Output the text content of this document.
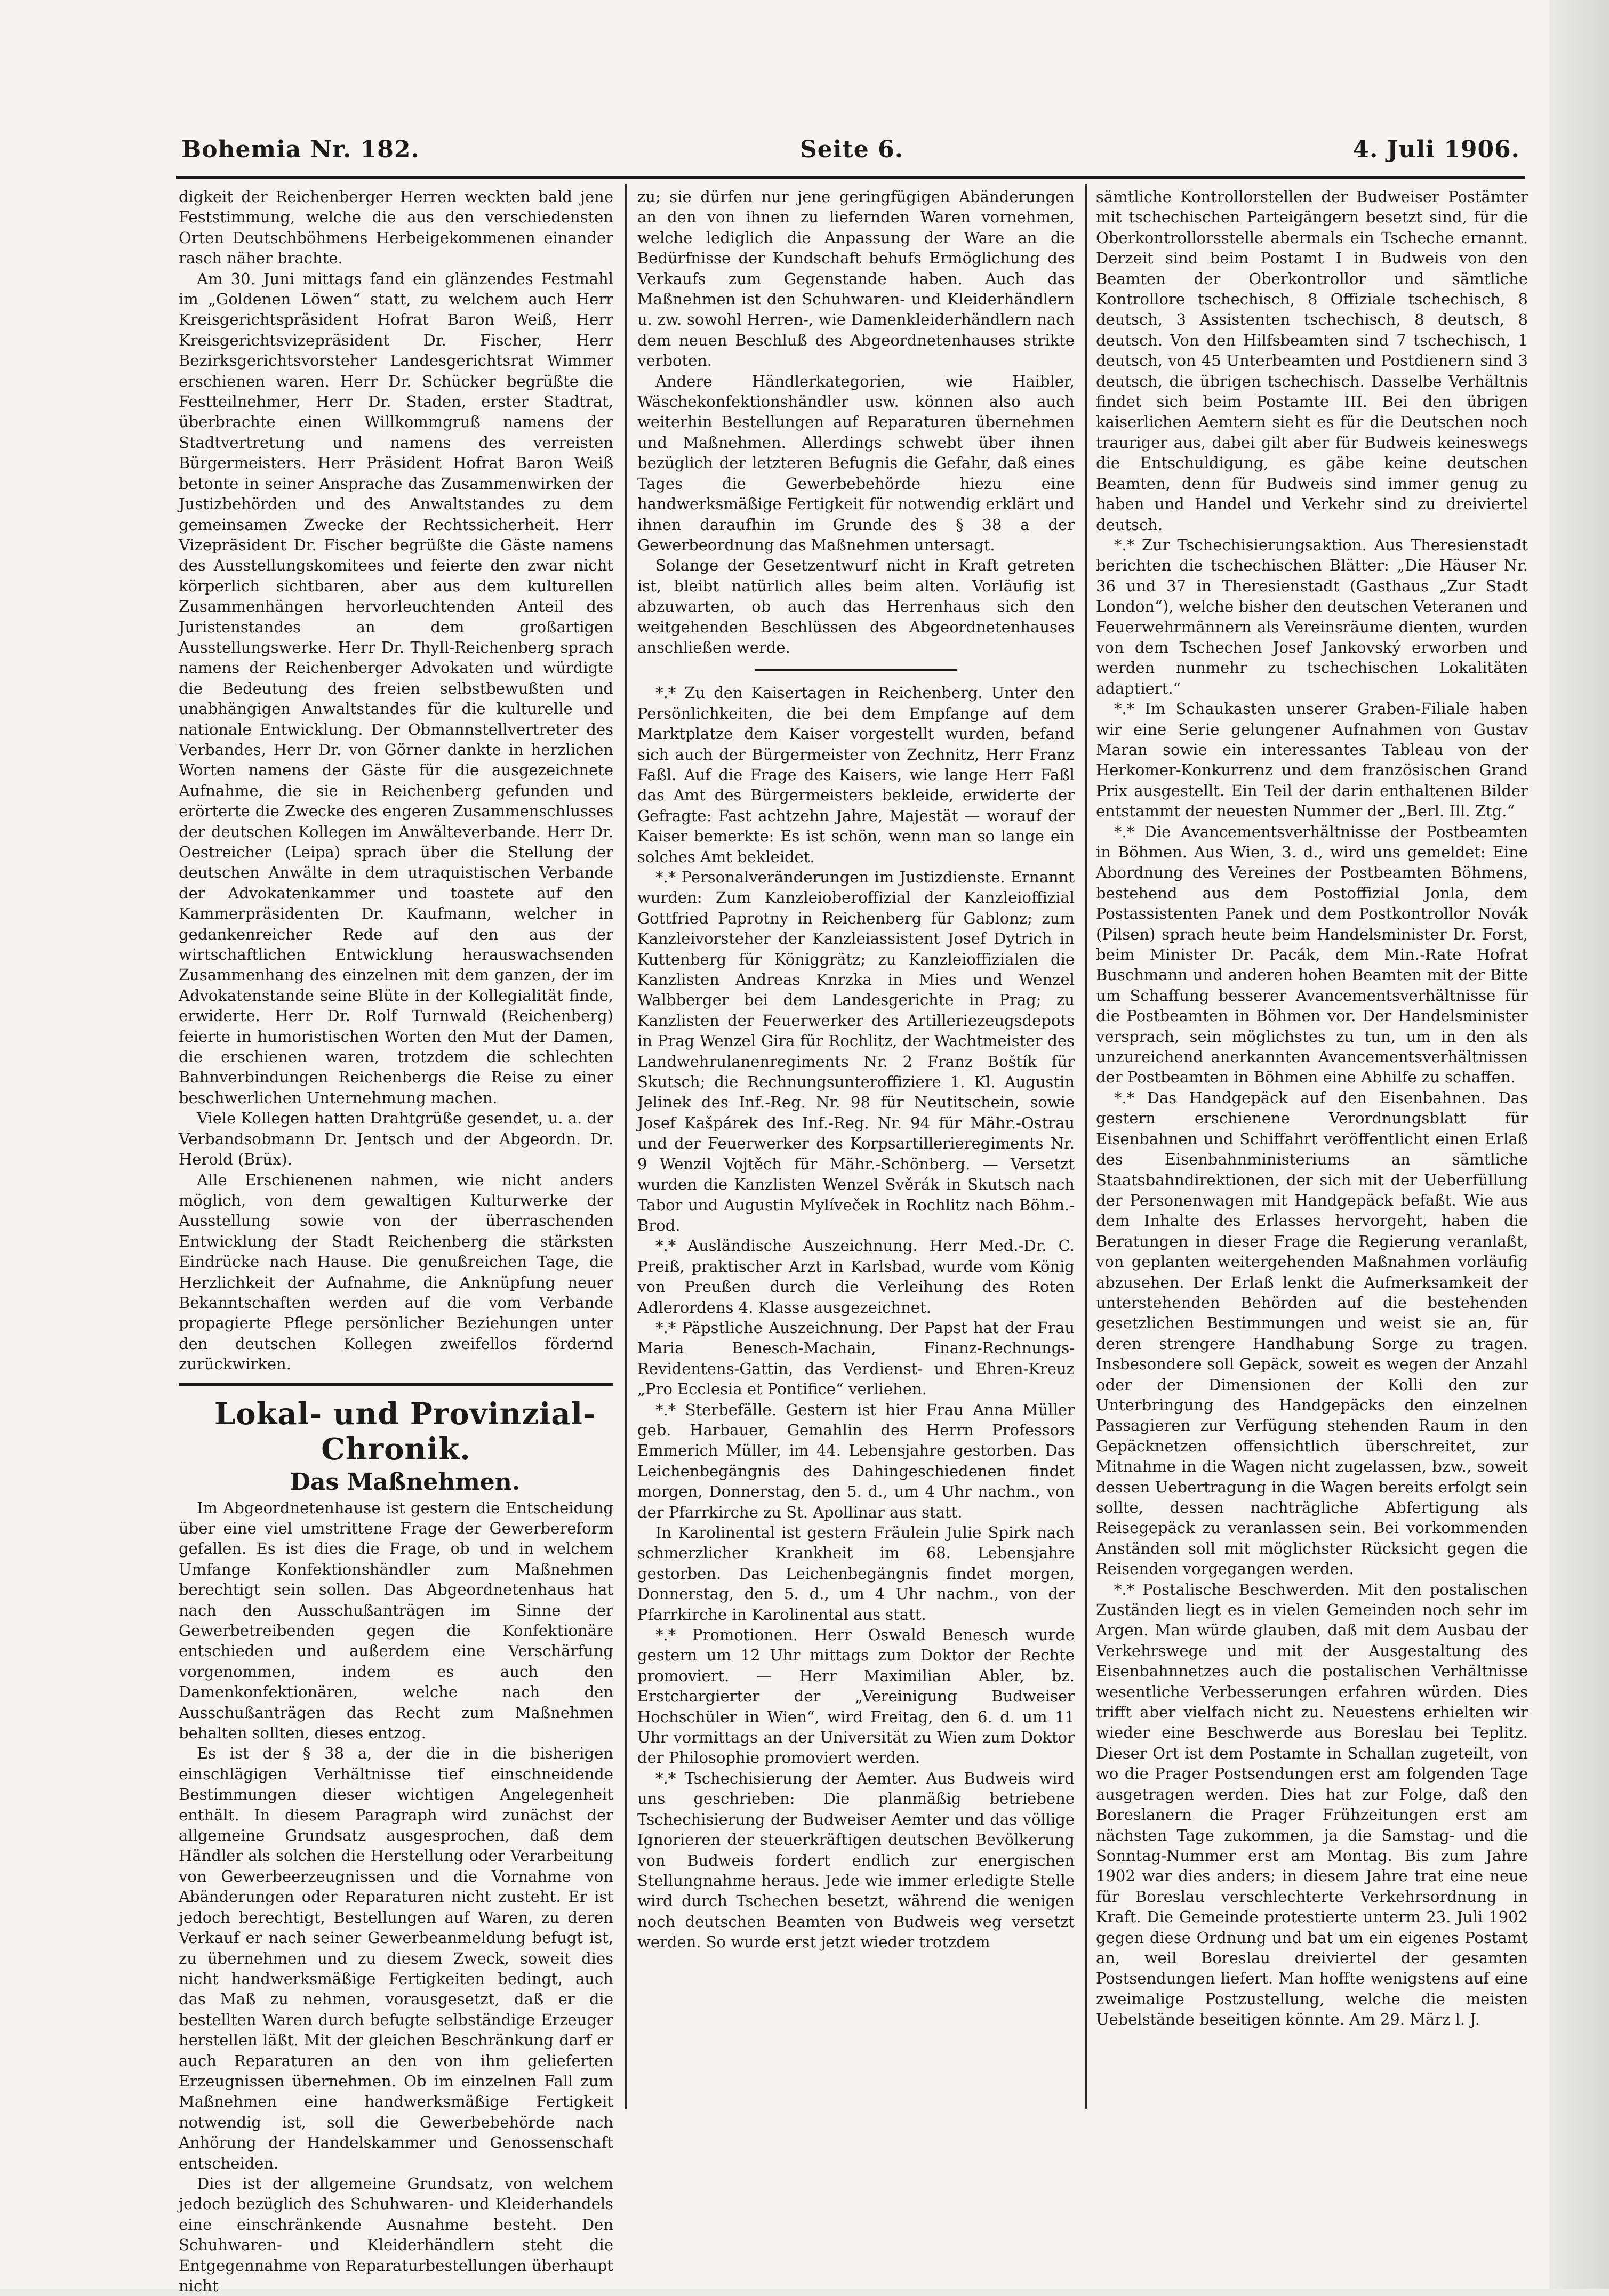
Bohemia Nr. 182.	Seite 6.	4. Juli 1906.

digkeit der Reichenberger Herren weckten bald jene Feststimmung, welche die aus den verschiedensten Orten Deutschböhmens Herbeigekommenen einander rasch näher brachte.

Am 30. Juni mittags fand ein glänzendes Festmahl im „Goldenen Löwen“ statt, zu welchem auch Herr Kreisgerichtspräsident Hofrat Baron Weiß, Herr Kreisgerichtsvizepräsident Dr. Fischer, Herr Bezirksgerichtsvorsteher Landesgerichtsrat Wimmer erschienen waren. Herr Dr. Schücker begrüßte die Festteilnehmer, Herr Dr. Staden, erster Stadtrat, überbrachte einen Willkommgruß namens der Stadtvertretung und namens des verreisten Bürgermeisters. Herr Präsident Hofrat Baron Weiß betonte in seiner Ansprache das Zusammenwirken der Justizbehörden und des Anwaltstandes zu dem gemeinsamen Zwecke der Rechtssicherheit. Herr Vizepräsident Dr. Fischer begrüßte die Gäste namens des Ausstellungskomitees und feierte den zwar nicht körperlich sichtbaren, aber aus dem kulturellen Zusammenhängen hervorleuchtenden Anteil des Juristenstandes an dem großartigen Ausstellungswerke. Herr Dr. Thyll-Reichenberg sprach namens der Reichenberger Advokaten und würdigte die Bedeutung des freien selbstbewußten und unabhängigen Anwaltstandes für die kulturelle und nationale Entwicklung. Der Obmannstellvertreter des Verbandes, Herr Dr. von Görner dankte in herzlichen Worten namens der Gäste für die ausgezeichnete Aufnahme, die sie in Reichenberg gefunden und erörterte die Zwecke des engeren Zusammenschlusses der deutschen Kollegen im Anwälteverbande. Herr Dr. Oestreicher (Leipa) sprach über die Stellung der deutschen Anwälte in dem utraquistischen Verbande der Advokatenkammer und toastete auf den Kammerpräsidenten Dr. Kaufmann, welcher in gedankenreicher Rede auf den aus der wirtschaftlichen Entwicklung herauswachsenden Zusammenhang des einzelnen mit dem ganzen, der im Advokatenstande seine Blüte in der Kollegialität finde, erwiderte. Herr Dr. Rolf Turnwald (Reichenberg) feierte in humoristischen Worten den Mut der Damen, die erschienen waren, trotzdem die schlechten Bahnverbindungen Reichenbergs die Reise zu einer beschwerlichen Unternehmung machen.

Viele Kollegen hatten Drahtgrüße gesendet, u. a. der Verbandsobmann Dr. Jentsch und der Abgeordn. Dr. Herold (Brüx).

Alle Erschienenen nahmen, wie nicht anders möglich, von dem gewaltigen Kulturwerke der Ausstellung sowie von der überraschenden Entwicklung der Stadt Reichenberg die stärksten Eindrücke nach Hause. Die genußreichen Tage, die Herzlichkeit der Aufnahme, die Anknüpfung neuer Bekanntschaften werden auf die vom Verbande propagierte Pflege persönlicher Beziehungen unter den deutschen Kollegen zweifellos fördernd zurückwirken.

Lokal- und Provinzial-Chronik.

Das Maßnehmen.

Im Abgeordnetenhause ist gestern die Entscheidung über eine viel umstrittene Frage der Gewerbereform gefallen. Es ist dies die Frage, ob und in welchem Umfange Konfektionshändler zum Maßnehmen berechtigt sein sollen. Das Abgeordnetenhaus hat nach den Ausschußanträgen im Sinne der Gewerbetreibenden gegen die Konfektionäre entschieden und außerdem eine Verschärfung vorgenommen, indem es auch den Damenkonfektionären, welche nach den Ausschußanträgen das Recht zum Maßnehmen behalten sollten, dieses entzog.

Es ist der § 38 a, der die in die bisherigen einschlägigen Verhältnisse tief einschneidende Bestimmungen dieser wichtigen Angelegenheit enthält. In diesem Paragraph wird zunächst der allgemeine Grundsatz ausgesprochen, daß dem Händler als solchen die Herstellung oder Verarbeitung von Gewerbeerzeugnissen und die Vornahme von Abänderungen oder Reparaturen nicht zusteht. Er ist jedoch berechtigt, Bestellungen auf Waren, zu deren Verkauf er nach seiner Gewerbeanmeldung befugt ist, zu übernehmen und zu diesem Zweck, soweit dies nicht handwerksmäßige Fertigkeiten bedingt, auch das Maß zu nehmen, vorausgesetzt, daß er die bestellten Waren durch befugte selbständige Erzeuger herstellen läßt. Mit der gleichen Beschränkung darf er auch Reparaturen an den von ihm gelieferten Erzeugnissen übernehmen. Ob im einzelnen Fall zum Maßnehmen eine handwerksmäßige Fertigkeit notwendig ist, soll die Gewerbebehörde nach Anhörung der Handelskammer und Genossenschaft entscheiden.

Dies ist der allgemeine Grundsatz, von welchem jedoch bezüglich des Schuhwaren- und Kleiderhandels eine einschränkende Ausnahme besteht. Den Schuhwaren- und Kleiderhändlern steht die Entgegennahme von Reparaturbestellungen überhaupt nicht

zu; sie dürfen nur jene geringfügigen Abänderungen an den von ihnen zu liefernden Waren vornehmen, welche lediglich die Anpassung der Ware an die Bedürfnisse der Kundschaft behufs Ermöglichung des Verkaufs zum Gegenstande haben. Auch das Maßnehmen ist den Schuhwaren- und Kleiderhändlern u. zw. sowohl Herren-, wie Damenkleiderhändlern nach dem neuen Beschluß des Abgeordnetenhauses strikte verboten.

Andere Händlerkategorien, wie Haibler, Wäschekonfektionshändler usw. können also auch weiterhin Bestellungen auf Reparaturen übernehmen und Maßnehmen. Allerdings schwebt über ihnen bezüglich der letzteren Befugnis die Gefahr, daß eines Tages die Gewerbebehörde hiezu eine handwerksmäßige Fertigkeit für notwendig erklärt und ihnen daraufhin im Grunde des § 38 a der Gewerbeordnung das Maßnehmen untersagt.

Solange der Gesetzentwurf nicht in Kraft getreten ist, bleibt natürlich alles beim alten. Vorläufig ist abzuwarten, ob auch das Herrenhaus sich den weitgehenden Beschlüssen des Abgeordnetenhauses anschließen werde.

*.* Zu den Kaisertagen in Reichenberg. Unter den Persönlichkeiten, die bei dem Empfange auf dem Marktplatze dem Kaiser vorgestellt wurden, befand sich auch der Bürgermeister von Zechnitz, Herr Franz Faßl. Auf die Frage des Kaisers, wie lange Herr Faßl das Amt des Bürgermeisters bekleide, erwiderte der Gefragte: Fast achtzehn Jahre, Majestät — worauf der Kaiser bemerkte: Es ist schön, wenn man so lange ein solches Amt bekleidet.

*.* Personalveränderungen im Justizdienste. Ernannt wurden: Zum Kanzleioberoffizial der Kanzleioffizial Gottfried Paprotny in Reichenberg für Gablonz; zum Kanzleivorsteher der Kanzleiassistent Josef Dytrich in Kuttenberg für Königgrätz; zu Kanzleioffizialen die Kanzlisten Andreas Knrzka in Mies und Wenzel Walbberger bei dem Landesgerichte in Prag; zu Kanzlisten der Feuerwerker des Artilleriezeugsdepots in Prag Wenzel Gira für Rochlitz, der Wachtmeister des Landwehrulanenregiments Nr. 2 Franz Boštík für Skutsch; die Rechnungsunteroffiziere 1. Kl. Augustin Jelinek des Inf.-Reg. Nr. 98 für Neutitschein, sowie Josef Kašpárek des Inf.-Reg. Nr. 94 für Mähr.-Ostrau und der Feuerwerker des Korpsartillerieregiments Nr. 9 Wenzil Vojtěch für Mähr.-Schönberg. — Versetzt wurden die Kanzlisten Wenzel Svěrák in Skutsch nach Tabor und Augustin Mylíveček in Rochlitz nach Böhm.-Brod.

*.* Ausländische Auszeichnung. Herr Med.-Dr. C. Preiß, praktischer Arzt in Karlsbad, wurde vom König von Preußen durch die Verleihung des Roten Adlerordens 4. Klasse ausgezeichnet.

*.* Päpstliche Auszeichnung. Der Papst hat der Frau Maria Benesch-Machain, Finanz-Rechnungs-Revidentens-Gattin, das Verdienst- und Ehren-Kreuz „Pro Ecclesia et Pontifice“ verliehen.

*.* Sterbefälle. Gestern ist hier Frau Anna Müller geb. Harbauer, Gemahlin des Herrn Professors Emmerich Müller, im 44. Lebensjahre gestorben. Das Leichenbegängnis des Dahingeschiedenen findet morgen, Donnerstag, den 5. d., um 4 Uhr nachm., von der Pfarrkirche zu St. Apollinar aus statt.

In Karolinental ist gestern Fräulein Julie Spirk nach schmerzlicher Krankheit im 68. Lebensjahre gestorben. Das Leichenbegängnis findet morgen, Donnerstag, den 5. d., um 4 Uhr nachm., von der Pfarrkirche in Karolinental aus statt.

*.* Promotionen. Herr Oswald Benesch wurde gestern um 12 Uhr mittags zum Doktor der Rechte promoviert. — Herr Maximilian Abler, bz. Erstchargierter der „Vereinigung Budweiser Hochschüler in Wien“, wird Freitag, den 6. d. um 11 Uhr vormittags an der Universität zu Wien zum Doktor der Philosophie promoviert werden.

*.* Tschechisierung der Aemter. Aus Budweis wird uns geschrieben: Die planmäßig betriebene Tschechisierung der Budweiser Aemter und das völlige Ignorieren der steuerkräftigen deutschen Bevölkerung von Budweis fordert endlich zur energischen Stellungnahme heraus. Jede wie immer erledigte Stelle wird durch Tschechen besetzt, während die wenigen noch deutschen Beamten von Budweis weg versetzt werden. So wurde erst jetzt wieder trotzdem

sämtliche Kontrollorstellen der Budweiser Postämter mit tschechischen Parteigängern besetzt sind, für die Oberkontrollorsstelle abermals ein Tscheche ernannt. Derzeit sind beim Postamt I in Budweis von den Beamten der Oberkontrollor und sämtliche Kontrollore tschechisch, 8 Offiziale tschechisch, 8 deutsch, 3 Assistenten tschechisch, 8 deutsch, 8 deutsch. Von den Hilfsbeamten sind 7 tschechisch, 1 deutsch, von 45 Unterbeamten und Postdienern sind 3 deutsch, die übrigen tschechisch. Dasselbe Verhältnis findet sich beim Postamte III. Bei den übrigen kaiserlichen Aemtern sieht es für die Deutschen noch trauriger aus, dabei gilt aber für Budweis keineswegs die Entschuldigung, es gäbe keine deutschen Beamten, denn für Budweis sind immer genug zu haben und Handel und Verkehr sind zu dreiviertel deutsch.

*.* Zur Tschechisierungsaktion. Aus Theresienstadt berichten die tschechischen Blätter: „Die Häuser Nr. 36 und 37 in Theresienstadt (Gasthaus „Zur Stadt London“), welche bisher den deutschen Veteranen und Feuerwehrmännern als Vereinsräume dienten, wurden von dem Tschechen Josef Jankovský erworben und werden nunmehr zu tschechischen Lokalitäten adaptiert.“

*.* Im Schaukasten unserer Graben-Filiale haben wir eine Serie gelungener Aufnahmen von Gustav Maran sowie ein interessantes Tableau von der Herkomer-Konkurrenz und dem französischen Grand Prix ausgestellt. Ein Teil der darin enthaltenen Bilder entstammt der neuesten Nummer der „Berl. Ill. Ztg.“

*.* Die Avancementsverhältnisse der Postbeamten in Böhmen. Aus Wien, 3. d., wird uns gemeldet: Eine Abordnung des Vereines der Postbeamten Böhmens, bestehend aus dem Postoffizial Jonla, dem Postassistenten Panek und dem Postkontrollor Novák (Pilsen) sprach heute beim Handelsminister Dr. Forst, beim Minister Dr. Pacák, dem Min.-Rate Hofrat Buschmann und anderen hohen Beamten mit der Bitte um Schaffung besserer Avancementsverhältnisse für die Postbeamten in Böhmen vor. Der Handelsminister versprach, sein möglichstes zu tun, um in den als unzureichend anerkannten Avancementsverhältnissen der Postbeamten in Böhmen eine Abhilfe zu schaffen.

*.* Das Handgepäck auf den Eisenbahnen. Das gestern erschienene Verordnungsblatt für Eisenbahnen und Schiffahrt veröffentlicht einen Erlaß des Eisenbahnministeriums an sämtliche Staatsbahndirektionen, der sich mit der Ueberfüllung der Personenwagen mit Handgepäck befaßt. Wie aus dem Inhalte des Erlasses hervorgeht, haben die Beratungen in dieser Frage die Regierung veranlaßt, von geplanten weitergehenden Maßnahmen vorläufig abzusehen. Der Erlaß lenkt die Aufmerksamkeit der unterstehenden Behörden auf die bestehenden gesetzlichen Bestimmungen und weist sie an, für deren strengere Handhabung Sorge zu tragen. Insbesondere soll Gepäck, soweit es wegen der Anzahl oder der Dimensionen der Kolli den zur Unterbringung des Handgepäcks den einzelnen Passagieren zur Verfügung stehenden Raum in den Gepäcknetzen offensichtlich überschreitet, zur Mitnahme in die Wagen nicht zugelassen, bzw., soweit dessen Uebertragung in die Wagen bereits erfolgt sein sollte, dessen nachträgliche Abfertigung als Reisegepäck zu veranlassen sein. Bei vorkommenden Anständen soll mit möglichster Rücksicht gegen die Reisenden vorgegangen werden.

*.* Postalische Beschwerden. Mit den postalischen Zuständen liegt es in vielen Gemeinden noch sehr im Argen. Man würde glauben, daß mit dem Ausbau der Verkehrswege und mit der Ausgestaltung des Eisenbahnnetzes auch die postalischen Verhältnisse wesentliche Verbesserungen erfahren würden. Dies trifft aber vielfach nicht zu. Neuestens erhielten wir wieder eine Beschwerde aus Boreslau bei Teplitz. Dieser Ort ist dem Postamte in Schallan zugeteilt, von wo die Prager Postsendungen erst am folgenden Tage ausgetragen werden. Dies hat zur Folge, daß den Boreslanern die Prager Frühzeitungen erst am nächsten Tage zukommen, ja die Samstag- und die Sonntag-Nummer erst am Montag. Bis zum Jahre 1902 war dies anders; in diesem Jahre trat eine neue für Boreslau verschlechterte Verkehrsordnung in Kraft. Die Gemeinde protestierte unterm 23. Juli 1902 gegen diese Ordnung und bat um ein eigenes Postamt an, weil Boreslau dreiviertel der gesamten Postsendungen liefert. Man hoffte wenigstens auf eine zweimalige Postzustellung, welche die meisten Uebelstände beseitigen könnte. Am 29. März l. J.
